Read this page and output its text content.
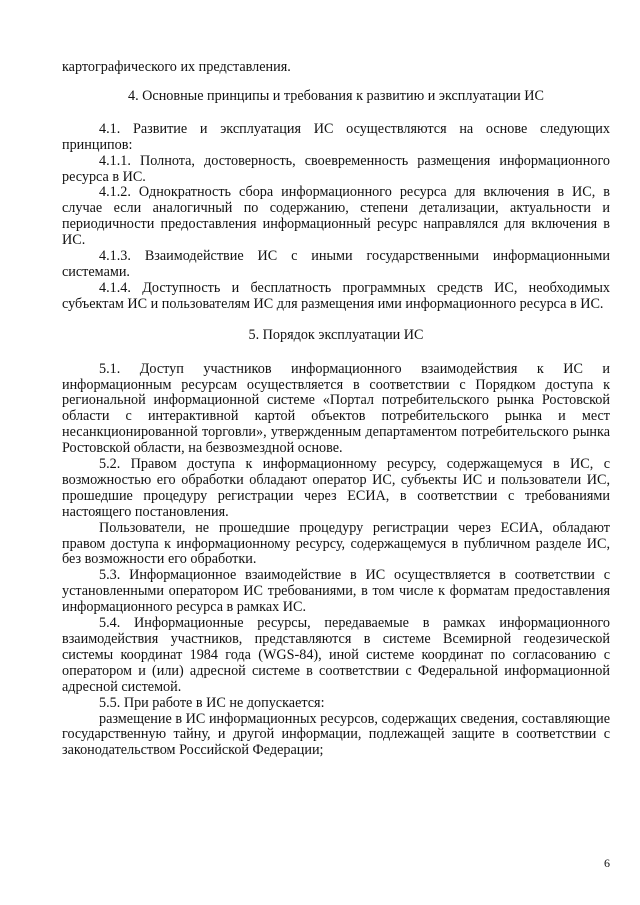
картографического их представления.

4. Основные принципы и требования к развитию и эксплуатации ИС

4.1. Развитие и эксплуатация ИС осуществляются на основе следующих принципов:

4.1.1. Полнота, достоверность, своевременность размещения информационного ресурса в ИС.

4.1.2. Однократность сбора информационного ресурса для включения в ИС, в случае если аналогичный по содержанию, степени детализации, актуальности и периодичности предоставления информационный ресурс направлялся для включения в ИС.

4.1.3. Взаимодействие ИС с иными государственными информационными системами.

4.1.4. Доступность и бесплатность программных средств ИС, необходимых субъектам ИС и пользователям ИС для размещения ими информационного ресурса в ИС.

5. Порядок эксплуатации ИС

5.1. Доступ участников информационного взаимодействия к ИС и информационным ресурсам осуществляется в соответствии с Порядком доступа к региональной информационной системе «Портал потребительского рынка Ростовской области с интерактивной картой объектов потребительского рынка и мест несанкционированной торговли», утвержденным департаментом потребительского рынка Ростовской области, на безвозмездной основе.

5.2. Правом доступа к информационному ресурсу, содержащемуся в ИС, с возможностью его обработки обладают оператор ИС, субъекты ИС и пользователи ИС, прошедшие процедуру регистрации через ЕСИА, в соответствии с требованиями настоящего постановления.

Пользователи, не прошедшие процедуру регистрации через ЕСИА, обладают правом доступа к информационному ресурсу, содержащемуся в публичном разделе ИС, без возможности его обработки.

5.3. Информационное взаимодействие в ИС осуществляется в соответствии с установленными оператором ИС требованиями, в том числе к форматам предоставления информационного ресурса в рамках ИС.

5.4. Информационные ресурсы, передаваемые в рамках информационного взаимодействия участников, представляются в системе Всемирной геодезической системы координат 1984 года (WGS-84), иной системе координат по согласованию с оператором и (или) адресной системе в соответствии с Федеральной информационной адресной системой.

5.5. При работе в ИС не допускается:

размещение в ИС информационных ресурсов, содержащих сведения, составляющие государственную тайну, и другой информации, подлежащей защите в соответствии с законодательством Российской Федерации;

6
